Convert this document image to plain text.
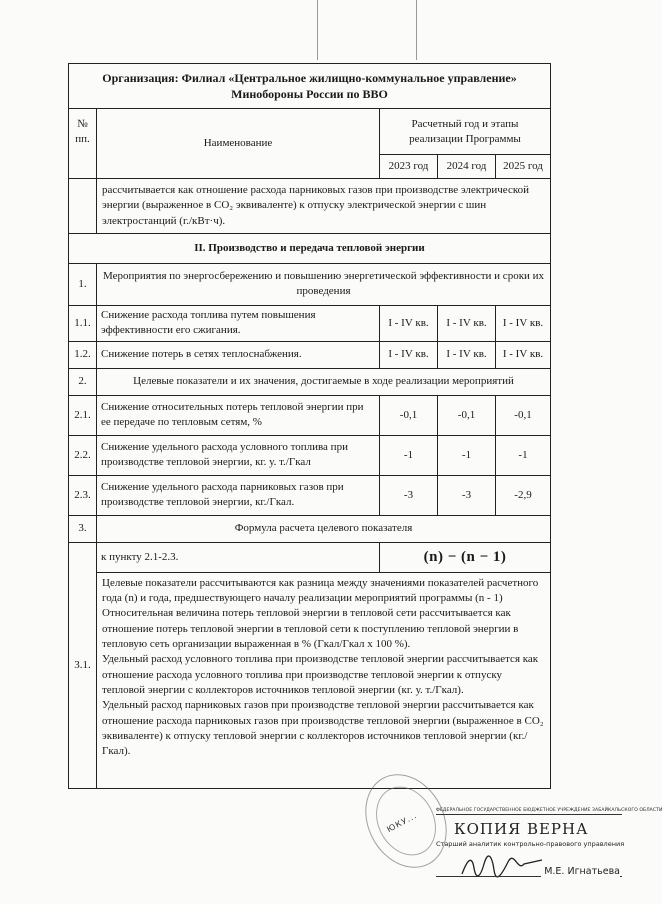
Организация: Филиал «Центральное жилищно-коммунальное управление» Минобороны России по ВВО				
№ пп.	Наименование	Расчетный год и этапы реализации Программы		
		2023 год	2024 год	2025 год
	рассчитывается как отношение расхода парниковых газов при производстве электрической энергии (выраженное в CO₂ эквиваленте) к отпуску электрической энергии с шин электростанций (г./кВт·ч).			
II. Производство и передача тепловой энергии				
1.	Мероприятия по энергосбережению и повышению энергетической эффективности и сроки их проведения			
1.1.	Снижение расхода топлива путем повышения эффективности его сжигания.	I - IV кв.	I - IV кв.	I - IV кв.
1.2.	Снижение потерь в сетях теплоснабжения.	I - IV кв.	I - IV кв.	I - IV кв.
2.	Целевые показатели и их значения, достигаемые в ходе реализации мероприятий			
2.1.	Снижение относительных потерь тепловой энергии при ее передаче по тепловым сетям, %	-0,1	-0,1	-0,1
2.2.	Снижение удельного расхода условного топлива при производстве тепловой энергии, кг. у. т./Гкал	-1	-1	-1
2.3.	Снижение удельного расхода парниковых газов при производстве тепловой энергии, кг./Гкал.	-3	-3	-2,9
3.	Формула расчета целевого показателя			
3.1.	к пункту 2.1-2.3.	(n) − (n − 1)		
	Целевые показатели рассчитываются как разница между значениями показателей расчетного года (n) и года, предшествующего началу реализации мероприятий программы (n - 1)
Относительная величина потерь тепловой энергии в тепловой сети рассчитывается как отношение потерь тепловой энергии в тепловой сети к поступлению тепловой энергии в тепловую сеть организации выраженная в % (Гкал/Гкал х 100 %).
Удельный расход условного топлива при производстве тепловой энергии рассчитывается как отношение расхода условного топлива при производстве тепловой энергии к отпуску тепловой энергии с коллекторов источников тепловой энергии (кг. у. т./Гкал).
Удельный расход парниковых газов при производстве тепловой энергии рассчитывается как отношение расхода парниковых газов при производстве тепловой энергии (выраженное в CO₂ эквиваленте) к отпуску тепловой энергии с коллекторов источников тепловой энергии (кг./Гкал).			
ЮКУ...
ФЕДЕРАЛЬНОЕ ГОСУДАРСТВЕННОЕ БЮДЖЕТНОЕ УЧРЕЖДЕНИЕ ЗАБАЙКАЛЬСКОГО ОБЛАСТИ
КОПИЯ ВЕРНА
Старший аналитик контрольно-правового управления
М.Е. Игнатьева
